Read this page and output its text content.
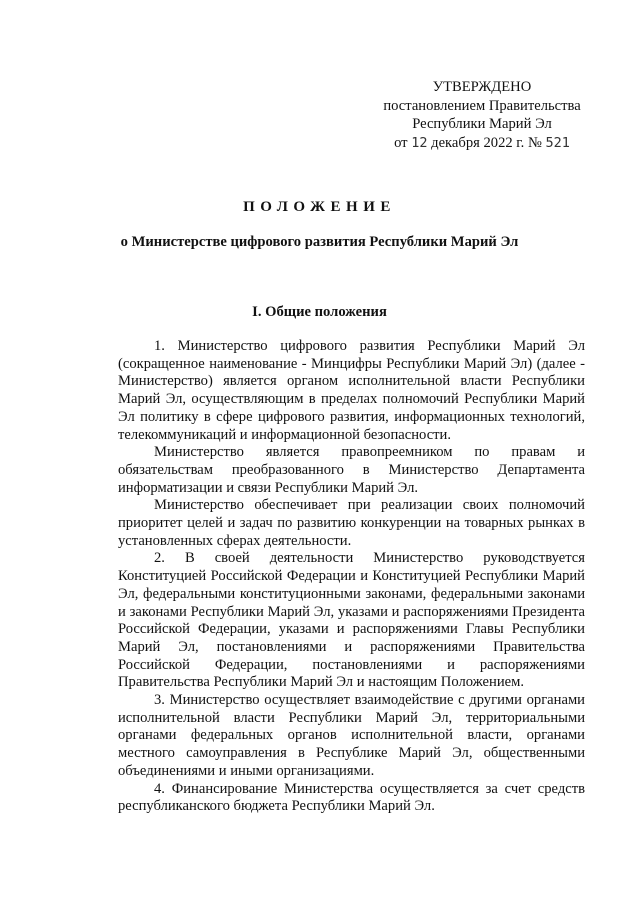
УТВЕРЖДЕНО
постановлением Правительства
Республики Марий Эл
от 12 декабря 2022 г. № 521
ПОЛОЖЕНИЕ
о Министерстве цифрового развития Республики Марий Эл
I. Общие положения

1. Министерство цифрового развития Республики Марий Эл (сокращенное наименование - Минцифры Республики Марий Эл) (далее - Министерство) является органом исполнительной власти Республики Марий Эл, осуществляющим в пределах полномочий Республики Марий Эл политику в сфере цифрового развития, информационных технологий, телекоммуникаций и информационной безопасности.

Министерство является правопреемником по правам и обязательствам преобразованного в Министерство Департамента информатизации и связи Республики Марий Эл.

Министерство обеспечивает при реализации своих полномочий приоритет целей и задач по развитию конкуренции на товарных рынках в установленных сферах деятельности.

2. В своей деятельности Министерство руководствуется Конституцией Российской Федерации и Конституцией Республики Марий Эл, федеральными конституционными законами, федеральными законами и законами Республики Марий Эл, указами и распоряжениями Президента Российской Федерации, указами и распоряжениями Главы Республики Марий Эл, постановлениями и распоряжениями Правительства Российской Федерации, постановлениями и распоряжениями Правительства Республики Марий Эл и настоящим Положением.

3. Министерство осуществляет взаимодействие с другими органами исполнительной власти Республики Марий Эл, территориальными органами федеральных органов исполнительной власти, органами местного самоуправления в Республике Марий Эл, общественными объединениями и иными организациями.

4. Финансирование Министерства осуществляется за счет средств республиканского бюджета Республики Марий Эл.
